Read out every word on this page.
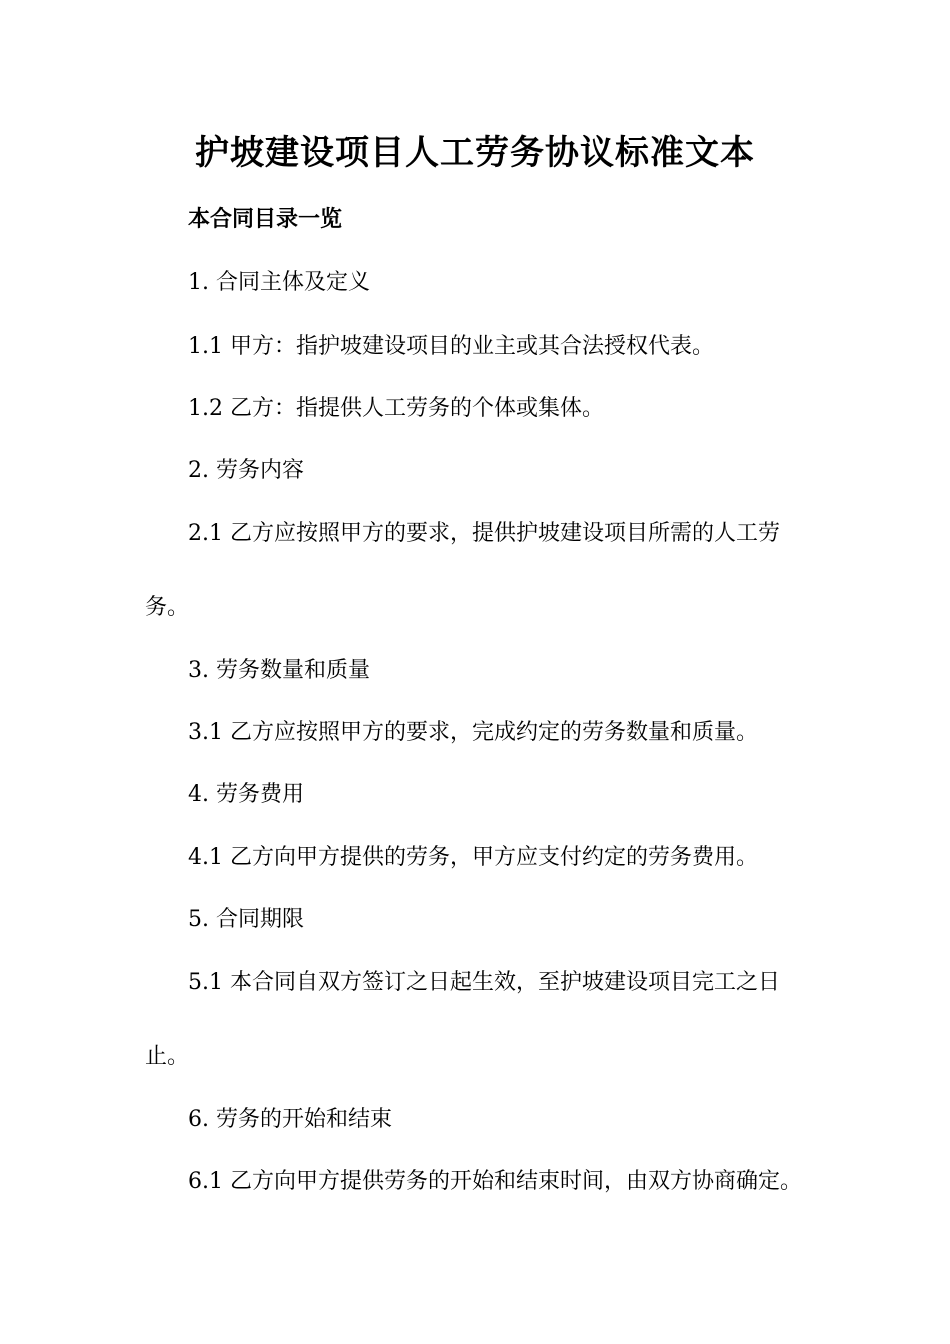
护坡建设项目人工劳务协议标准文本
本合同目录一览
1. 合同主体及定义
1.1 甲方：指护坡建设项目的业主或其合法授权代表。
1.2 乙方：指提供人工劳务的个体或集体。
2. 劳务内容
2.1 乙方应按照甲方的要求，提供护坡建设项目所需的人工劳
务。
3. 劳务数量和质量
3.1 乙方应按照甲方的要求，完成约定的劳务数量和质量。
4. 劳务费用
4.1 乙方向甲方提供的劳务，甲方应支付约定的劳务费用。
5. 合同期限
5.1 本合同自双方签订之日起生效，至护坡建设项目完工之日
止。
6. 劳务的开始和结束
6.1 乙方向甲方提供劳务的开始和结束时间，由双方协商确定。
